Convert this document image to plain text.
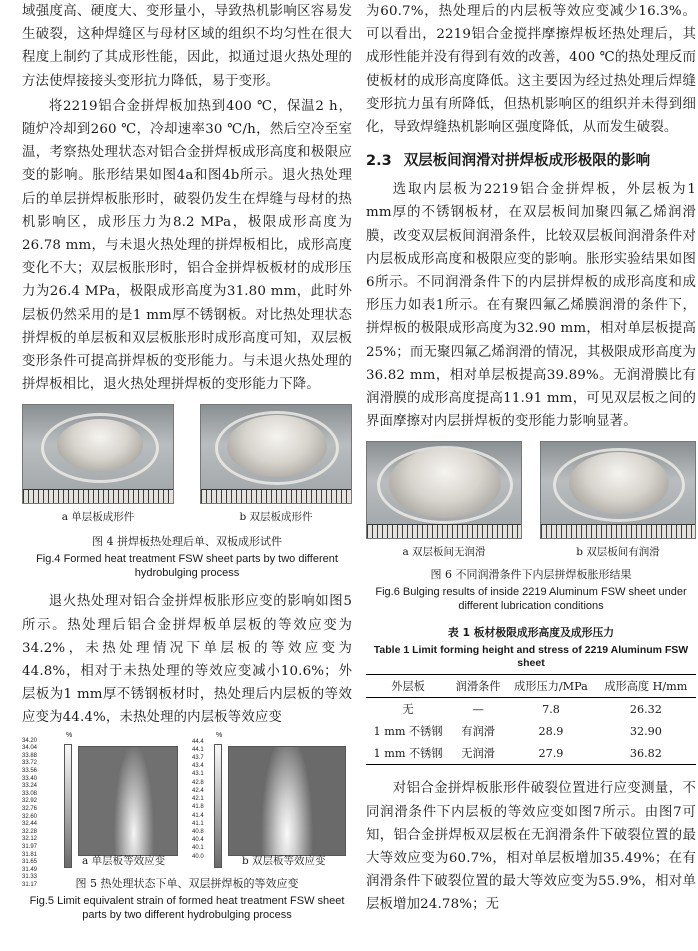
域强度高、硬度大、变形量小，导致热机影响区容易发生破裂，这种焊缝区与母材区域的组织不均匀性在很大程度上制约了其成形性能，因此，拟通过退火热处理的方法使焊接接头变形抗力降低，易于变形。

将2219铝合金拼焊板加热到400 ℃，保温2 h，随炉冷却到260 ℃，冷却速率30 ℃/h，然后空冷至室温，考察热处理状态对铝合金拼焊板成形高度和极限应变的影响。胀形结果如图4a和图4b所示。退火热处理后的单层拼焊板胀形时，破裂仍发生在焊缝与母材的热机影响区，成形压力为8.2 MPa，极限成形高度为26.78 mm，与未退火热处理的拼焊板相比，成形高度变化不大；双层板胀形时，铝合金拼焊板板材的成形压力为26.4 MPa，极限成形高度为31.80 mm，此时外层板仍然采用的是1 mm厚不锈钢板。对比热处理状态拼焊板的单层板和双层板胀形时成形高度可知，双层板变形条件可提高拼焊板的变形能力。与未退火热处理的拼焊板相比，退火热处理拼焊板的变形能力下降。

a 单层板成形件	b 双层板成形件
图 4 拼焊板热处理后单、双板成形试件
Fig.4 Formed heat treatment FSW sheet parts by two different hydrobulging process

退火热处理对铝合金拼焊板胀形应变的影响如图5所示。热处理后铝合金拼焊板单层板的等效应变为34.2%，未热处理情况下单层板的等效应变为44.8%，相对于未热处理的等效应变减小10.6%；外层板为1 mm厚不锈钢板材时，热处理后内层板的等效应变为44.4%，未热处理的内层板等效应变

%
34.20
34.04
33.88
33.72
33.56
33.40
33.24
33.08
32.92
32.76
32.60
32.44
32.28
32.12
31.97
31.81
31.65
31.49
31.33
31.17
a 单层板等效应变
%
44.4
44.1
43.7
43.4
43.1
42.8
42.4
42.1
41.8
41.4
41.1
40.8
40.4
40.1
40.0	b 双层板等效应变
图 5 热处理状态下单、双层拼焊板的等效应变
Fig.5 Limit equivalent strain of formed heat treatment FSW sheet parts by two different hydrobulging process

为60.7%，热处理后的内层板等效应变减少16.3%。可以看出，2219铝合金搅拌摩擦焊板坯热处理后，其成形性能并没有得到有效的改善，400 ℃的热处理反而使板材的成形高度降低。这主要因为经过热处理后焊缝变形抗力虽有所降低，但热机影响区的组织并未得到细化，导致焊缝热机影响区强度降低，从而发生破裂。

2.3 双层板间润滑对拼焊板成形极限的影响

选取内层板为2219铝合金拼焊板，外层板为1 mm厚的不锈钢板材，在双层板间加聚四氟乙烯润滑膜，改变双层板间润滑条件，比较双层板间润滑条件对内层板成形高度和极限应变的影响。胀形实验结果如图6所示。不同润滑条件下的内层拼焊板的成形高度和成形压力如表1所示。在有聚四氟乙烯膜润滑的条件下，拼焊板的极限成形高度为32.90 mm，相对单层板提高25%；而无聚四氟乙烯润滑的情况，其极限成形高度为36.82 mm，相对单层板提高39.89%。无润滑膜比有润滑膜的成形高度提高11.91 mm，可见双层板之间的界面摩擦对内层拼焊板的变形能力影响显著。

a 双层板间无润滑	b 双层板间有润滑
图 6 不同润滑条件下内层拼焊板胀形结果
Fig.6 Bulging results of inside 2219 Aluminum FSW sheet under different lubrication conditions
表 1 板材极限成形高度及成形压力
Table 1 Limit forming height and stress of 2219 Aluminum FSW sheet
外层板	润滑条件	成形压力/MPa	成形高度 H/mm
无	—	7.8	26.32
1 mm 不锈钢	有润滑	28.9	32.90
1 mm 不锈钢	无润滑	27.9	36.82

对铝合金拼焊板胀形件破裂位置进行应变测量，不同润滑条件下内层板的等效应变如图7所示。由图7可知，铝合金拼焊板双层板在无润滑条件下破裂位置的最大等效应变为60.7%，相对单层板增加35.49%；在有润滑条件下破裂位置的最大等效应变为55.9%，相对单层板增加24.78%；无
